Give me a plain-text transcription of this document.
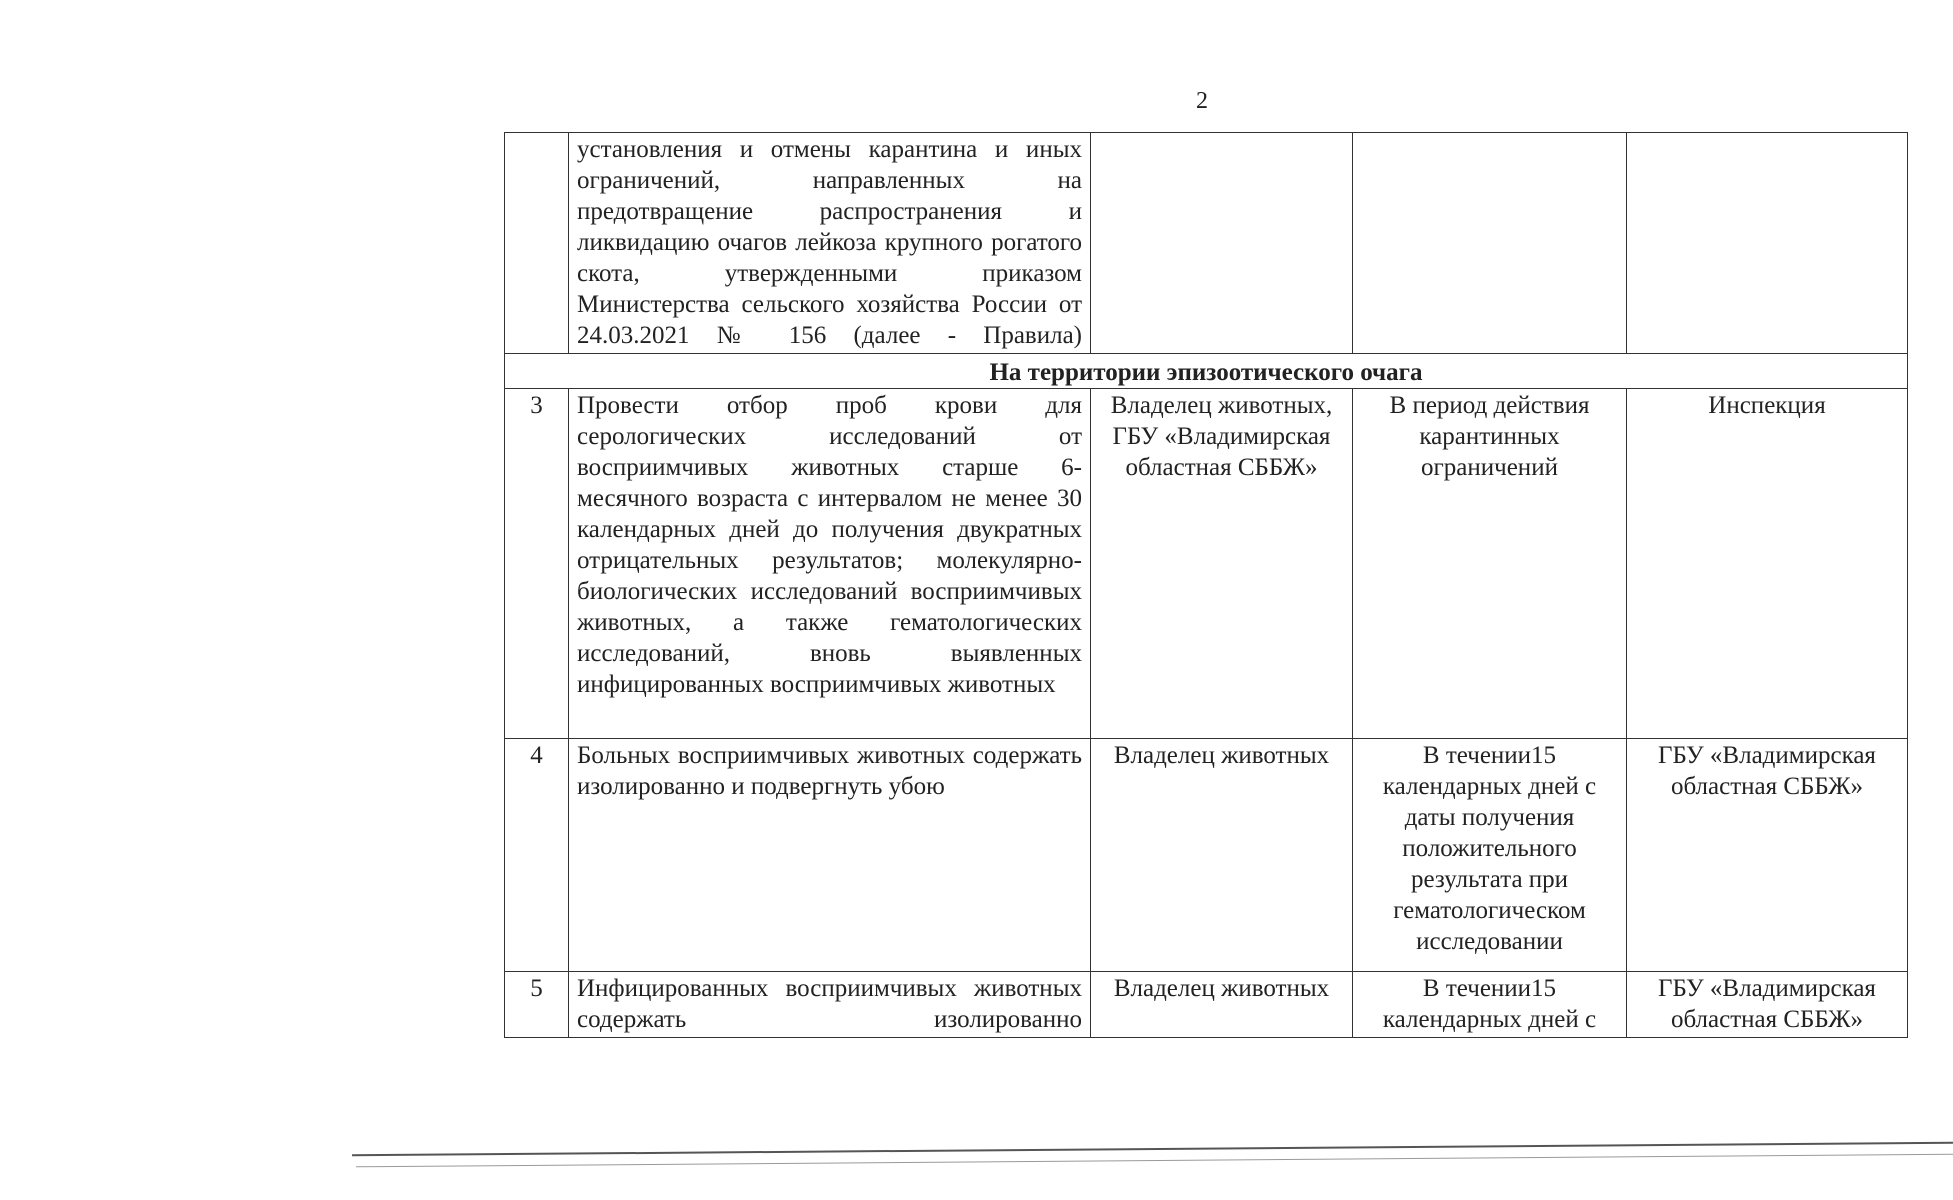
2
	установления и отмены карантина и иных ограничений, направленных на предотвращение распространения и ликвидацию очагов лейкоза крупного рогатого скота, утвержденными приказом Министерства сельского хозяйства России от 24.03.2021 № 156 (далее - Правила)			
На территории эпизоотического очага				
3	Провести отбор проб крови для серологических исследований от восприимчивых животных старше 6-месячного возраста с интервалом не менее 30 календарных дней до получения двукратных отрицательных результатов; молекулярно-биологических исследований восприимчивых животных, а также гематологических исследований, вновь выявленных инфицированных восприимчивых животных	Владелец животных, ГБУ «Владимирская областная СББЖ»	В период действия карантинных ограничений	Инспекция
4	Больных восприимчивых животных содержать изолированно и подвергнуть убою	Владелец животных	В течении15 календарных дней с даты получения положительного результата при гематологическом исследовании	ГБУ «Владимирская областная СББЖ»
5	Инфицированных восприимчивых животных содержать изолированно	Владелец животных	В течении15 календарных дней с	ГБУ «Владимирская областная СББЖ»
